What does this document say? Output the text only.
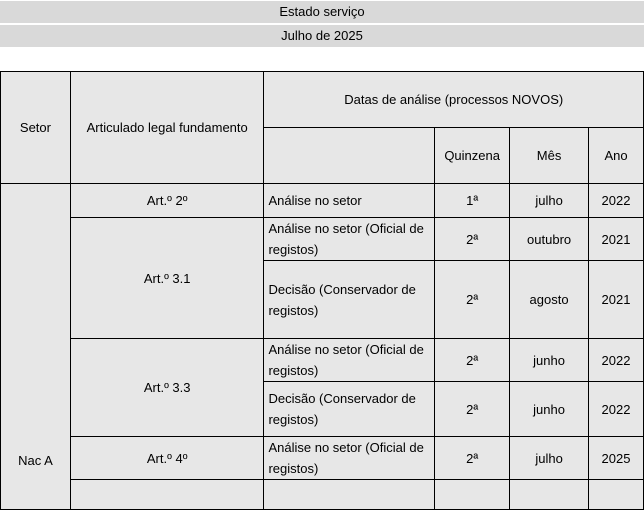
Estado serviço
Julho de 2025
Setor	Articulado legal fundamento	Datas de análise (processos NOVOS)			
			Quinzena	Mês	Ano
Nac A	Art.º 2º	Análise no setor	1ª	julho	2022
	Art.º 3.1	Análise no setor (Oficial de registos)	2ª	outubro	2021
		Decisão (Conservador de registos)	2ª	agosto	2021
	Art.º 3.3	Análise no setor (Oficial de registos)	2ª	junho	2022
		Decisão (Conservador de registos)	2ª	junho	2022
	Art.º 4º	Análise no setor (Oficial de registos)	2ª	julho	2025
